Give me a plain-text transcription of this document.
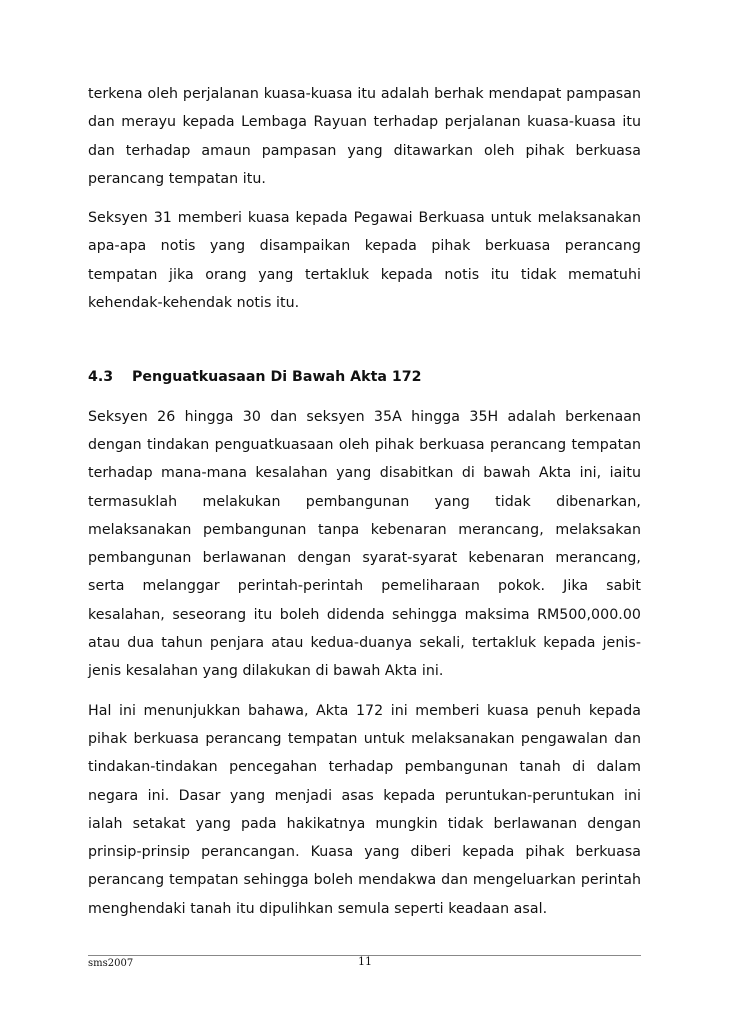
terkena oleh perjalanan kuasa-kuasa itu adalah berhak mendapat pampasan dan merayu kepada Lembaga Rayuan terhadap perjalanan kuasa-kuasa itu dan terhadap amaun pampasan yang ditawarkan oleh pihak berkuasa perancang tempatan itu.

Seksyen 31 memberi kuasa kepada Pegawai Berkuasa untuk melaksanakan apa-apa notis yang disampaikan kepada pihak berkuasa perancang tempatan jika orang yang tertakluk kepada notis itu tidak mematuhi kehendak-kehendak notis itu.

4.3	Penguatkuasaan Di Bawah Akta 172

Seksyen 26 hingga 30 dan seksyen 35A hingga 35H adalah berkenaan dengan tindakan penguatkuasaan oleh pihak berkuasa perancang tempatan terhadap mana-mana kesalahan yang disabitkan di bawah Akta ini, iaitu termasuklah melakukan pembangunan yang tidak dibenarkan, melaksanakan pembangunan tanpa kebenaran merancang, melaksakan pembangunan berlawanan dengan syarat-syarat kebenaran merancang, serta melanggar perintah-perintah pemeliharaan pokok. Jika sabit kesalahan, seseorang itu boleh didenda sehingga maksima RM500,000.00 atau dua tahun penjara atau kedua-duanya sekali, tertakluk kepada jenis-jenis kesalahan yang dilakukan di bawah Akta ini.

Hal ini menunjukkan bahawa, Akta 172 ini memberi kuasa penuh kepada pihak berkuasa perancang tempatan untuk melaksanakan pengawalan dan tindakan-tindakan pencegahan terhadap pembangunan tanah di dalam negara ini. Dasar yang menjadi asas kepada peruntukan-peruntukan ini ialah setakat yang pada hakikatnya mungkin tidak berlawanan dengan prinsip-prinsip perancangan. Kuasa yang diberi kepada pihak berkuasa perancang tempatan sehingga boleh mendakwa dan mengeluarkan perintah menghendaki tanah itu dipulihkan semula seperti keadaan asal.

sms2007	11
